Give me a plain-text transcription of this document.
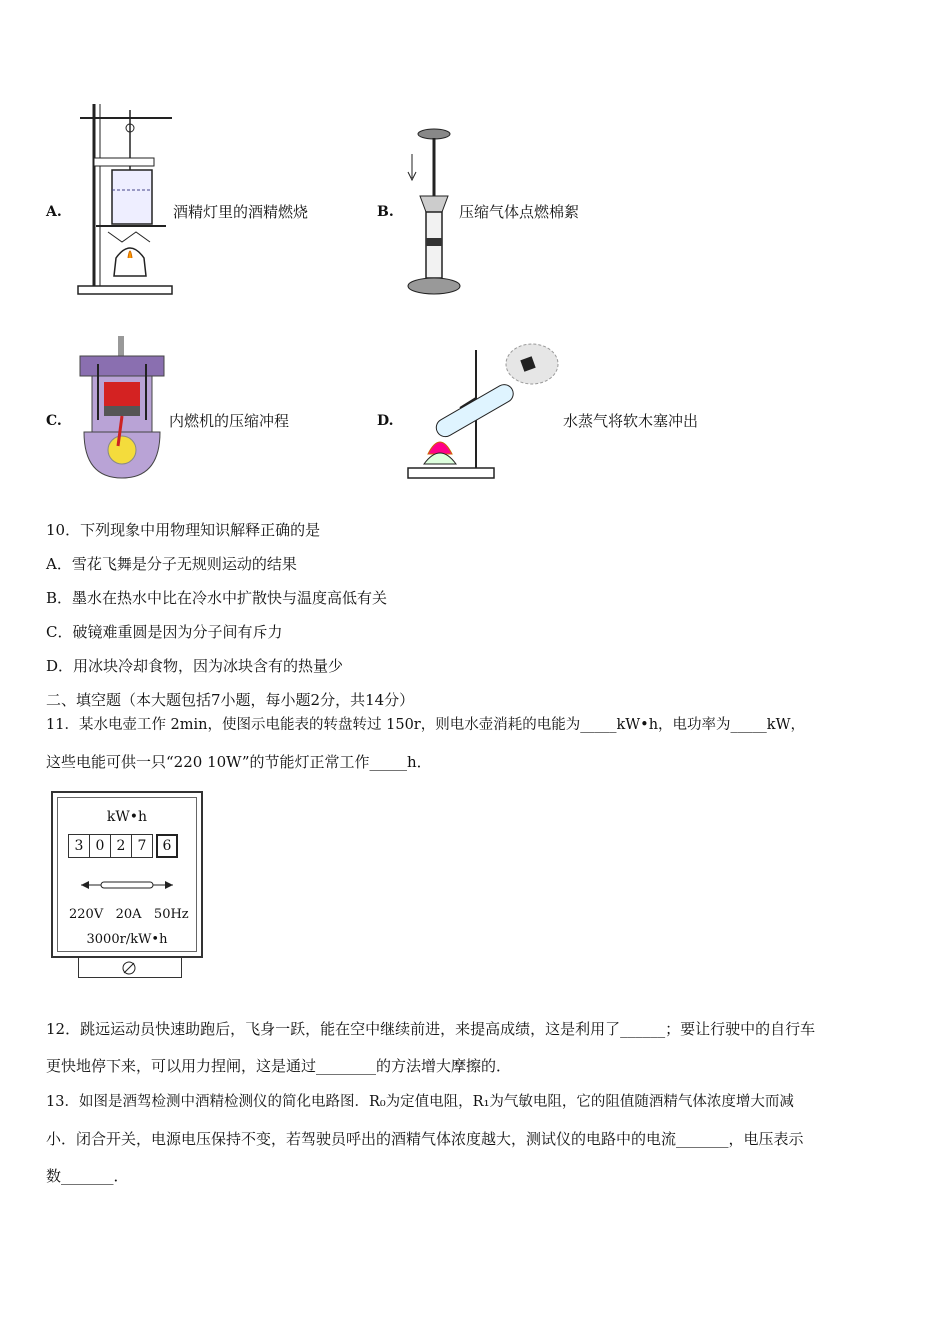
A.	酒精灯里的酒精燃烧	B.	压缩气体点燃棉絮
C.	内燃机的压缩冲程	D.	水蒸气将软木塞冲出
10．下列现象中用物理知识解释正确的是
A．雪花飞舞是分子无规则运动的结果
B．墨水在热水中比在冷水中扩散快与温度高低有关
C．破镜难重圆是因为分子间有斥力
D．用冰块冷却食物，因为冰块含有的热量少
二、填空题（本大题包括7小题，每小题2分，共14分）
11．某水电壶工作 2min，使图示电能表的转盘转过 150r，则电水壶消耗的电能为_____kW•h，电功率为_____kW，
这些电能可供一只“220 10W”的节能灯正常工作_____h．
kW•h
3 0 2 7	6
220V   20A   50Hz
3000r/kW•h
12．跳远运动员快速助跑后，飞身一跃，能在空中继续前进，来提高成绩，这是利用了______；要让行驶中的自行车
更快地停下来，可以用力捏闸，这是通过________的方法增大摩擦的．
13．如图是酒驾检测中酒精检测仪的简化电路图．R₀为定值电阻，R₁为气敏电阻，它的阻值随酒精气体浓度增大而减
小．闭合开关，电源电压保持不变，若驾驶员呼出的酒精气体浓度越大，测试仪的电路中的电流_______，电压表示
数_______．
